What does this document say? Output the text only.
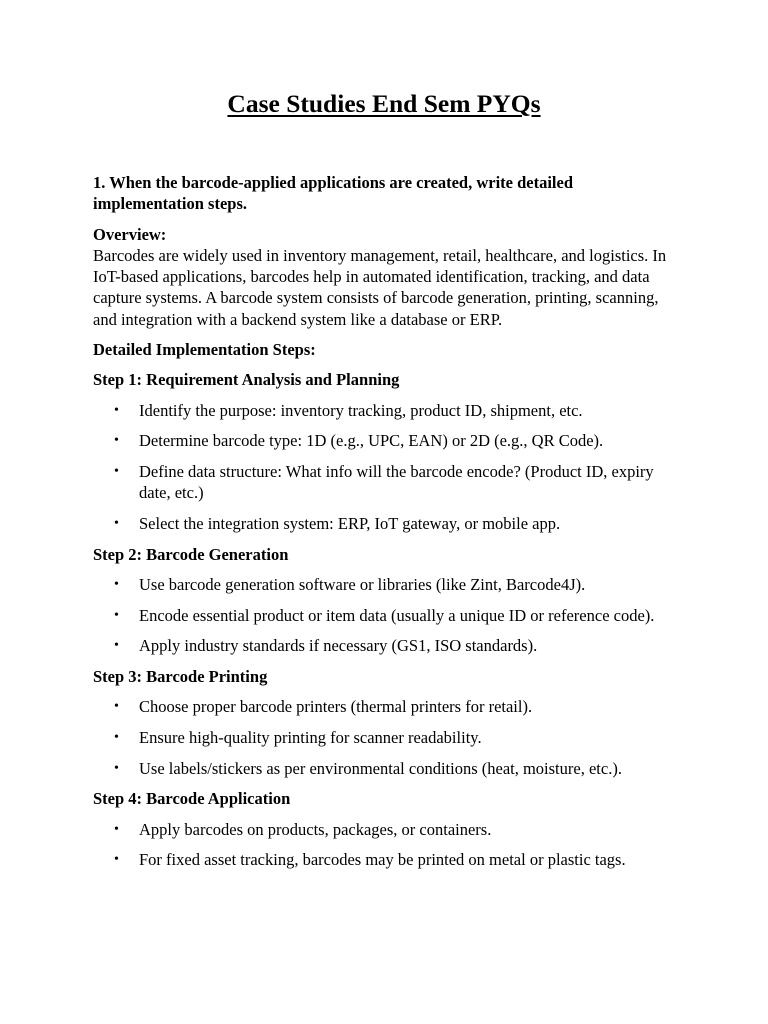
Case Studies End Sem PYQs

1. When the barcode-applied applications are created, write detailed implementation steps.

Overview:

Barcodes are widely used in inventory management, retail, healthcare, and logistics. In IoT-based applications, barcodes help in automated identification, tracking, and data capture systems. A barcode system consists of barcode generation, printing, scanning, and integration with a backend system like a database or ERP.

Detailed Implementation Steps:

Step 1: Requirement Analysis and Planning

• Identify the purpose: inventory tracking, product ID, shipment, etc.
• Determine barcode type: 1D (e.g., UPC, EAN) or 2D (e.g., QR Code).
• Define data structure: What info will the barcode encode? (Product ID, expiry date, etc.)
• Select the integration system: ERP, IoT gateway, or mobile app.

Step 2: Barcode Generation

• Use barcode generation software or libraries (like Zint, Barcode4J).
• Encode essential product or item data (usually a unique ID or reference code).
• Apply industry standards if necessary (GS1, ISO standards).

Step 3: Barcode Printing

• Choose proper barcode printers (thermal printers for retail).
• Ensure high-quality printing for scanner readability.
• Use labels/stickers as per environmental conditions (heat, moisture, etc.).

Step 4: Barcode Application

• Apply barcodes on products, packages, or containers.
• For fixed asset tracking, barcodes may be printed on metal or plastic tags.
